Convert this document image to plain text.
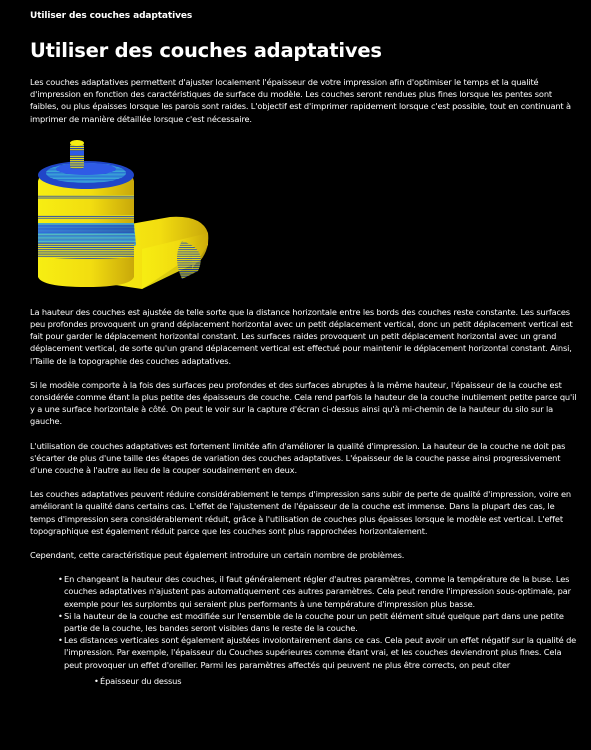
Utiliser des couches adaptatives
Utiliser des couches adaptatives

Les couches adaptatives permettent d'ajuster localement l'épaisseur de votre impression afin d'optimiser le temps et la qualité d'impression en fonction des caractéristiques de surface du modèle. Les couches seront rendues plus fines lorsque les pentes sont faibles, ou plus épaisses lorsque les parois sont raides. L'objectif est d'imprimer rapidement lorsque c'est possible, tout en continuant à imprimer de manière détaillée lorsque c'est nécessaire.

La hauteur des couches est ajustée de telle sorte que la distance horizontale entre les bords des couches reste constante. Les surfaces peu profondes provoquent un grand déplacement horizontal avec un petit déplacement vertical, donc un petit déplacement vertical est fait pour garder le déplacement horizontal constant. Les surfaces raides provoquent un petit déplacement horizontal avec un grand déplacement vertical, de sorte qu'un grand déplacement vertical est effectué pour maintenir le déplacement horizontal constant. Ainsi, l'Taille de la topographie des couches adaptatives.

Si le modèle comporte à la fois des surfaces peu profondes et des surfaces abruptes à la même hauteur, l'épaisseur de la couche est considérée comme étant la plus petite des épaisseurs de couche. Cela rend parfois la hauteur de la couche inutilement petite parce qu'il y a une surface horizontale à côté. On peut le voir sur la capture d'écran ci-dessus ainsi qu'à mi-chemin de la hauteur du silo sur la gauche.

L'utilisation de couches adaptatives est fortement limitée afin d'améliorer la qualité d'impression. La hauteur de la couche ne doit pas s'écarter de plus d'une taille des étapes de variation des couches adaptatives. L'épaisseur de la couche passe ainsi progressivement d'une couche à l'autre au lieu de la couper soudainement en deux.

Les couches adaptatives peuvent réduire considérablement le temps d'impression sans subir de perte de qualité d'impression, voire en améliorant la qualité dans certains cas. L'effet de l'ajustement de l'épaisseur de la couche est immense. Dans la plupart des cas, le temps d'impression sera considérablement réduit, grâce à l'utilisation de couches plus épaisses lorsque le modèle est vertical. L'effet topographique est également réduit parce que les couches sont plus rapprochées horizontalement.

Cependant, cette caractéristique peut également introduire un certain nombre de problèmes.

• En changeant la hauteur des couches, il faut généralement régler d'autres paramètres, comme la température de la buse. Les couches adaptatives n'ajustent pas automatiquement ces autres paramètres. Cela peut rendre l'impression sous-optimale, par exemple pour les surplombs qui seraient plus performants à une température d'impression plus basse.
• Si la hauteur de la couche est modifiée sur l'ensemble de la couche pour un petit élément situé quelque part dans une petite partie de la couche, les bandes seront visibles dans le reste de la couche.
• Les distances verticales sont également ajustées involontairement dans ce cas. Cela peut avoir un effet négatif sur la qualité de l'impression. Par exemple, l'épaisseur du Couches supérieures comme étant vrai, et les couches deviendront plus fines. Cela peut provoquer un effet d'oreiller. Parmi les paramètres affectés qui peuvent ne plus être corrects, on peut citer
• Épaisseur du dessus
